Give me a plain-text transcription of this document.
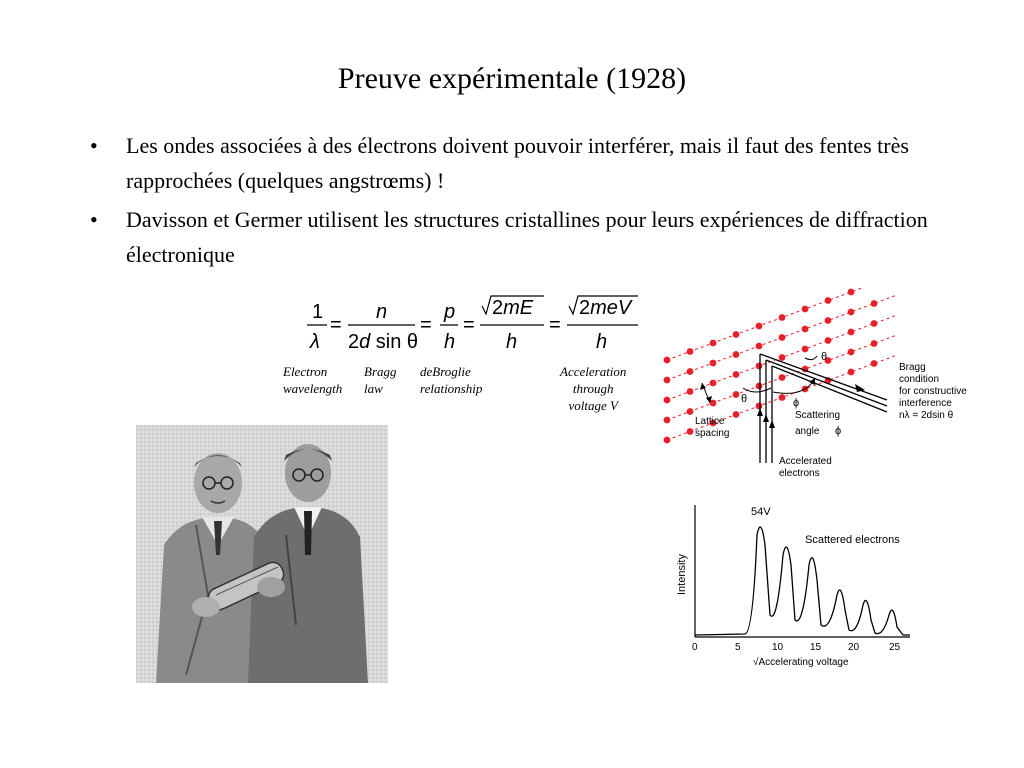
Preuve expérimentale (1928)
• Les ondes associées à des électrons doivent pouvoir interférer, mais il faut des fentes très rapprochées (quelques angstrœms) !
• Davisson et Germer utilisent les structures cristallines pour leurs expériences de diffraction électronique
1
λ
=
n
2d sin θ
=
p
h
=
2mE
h
=
2meV
h
Electron
wavelength
Bragg
law
deBroglie
relationship
Acceleration
through
voltage V
θ
θ	ϕ
Bragg
condition
for constructive
interference
nλ = 2dsin θ
Scattering
angle ϕ
Lattice
spacing
Accelerated
electrons
54V
Scattered electrons
Intensity
0	5	10	15	20	25
√Accelerating voltage
